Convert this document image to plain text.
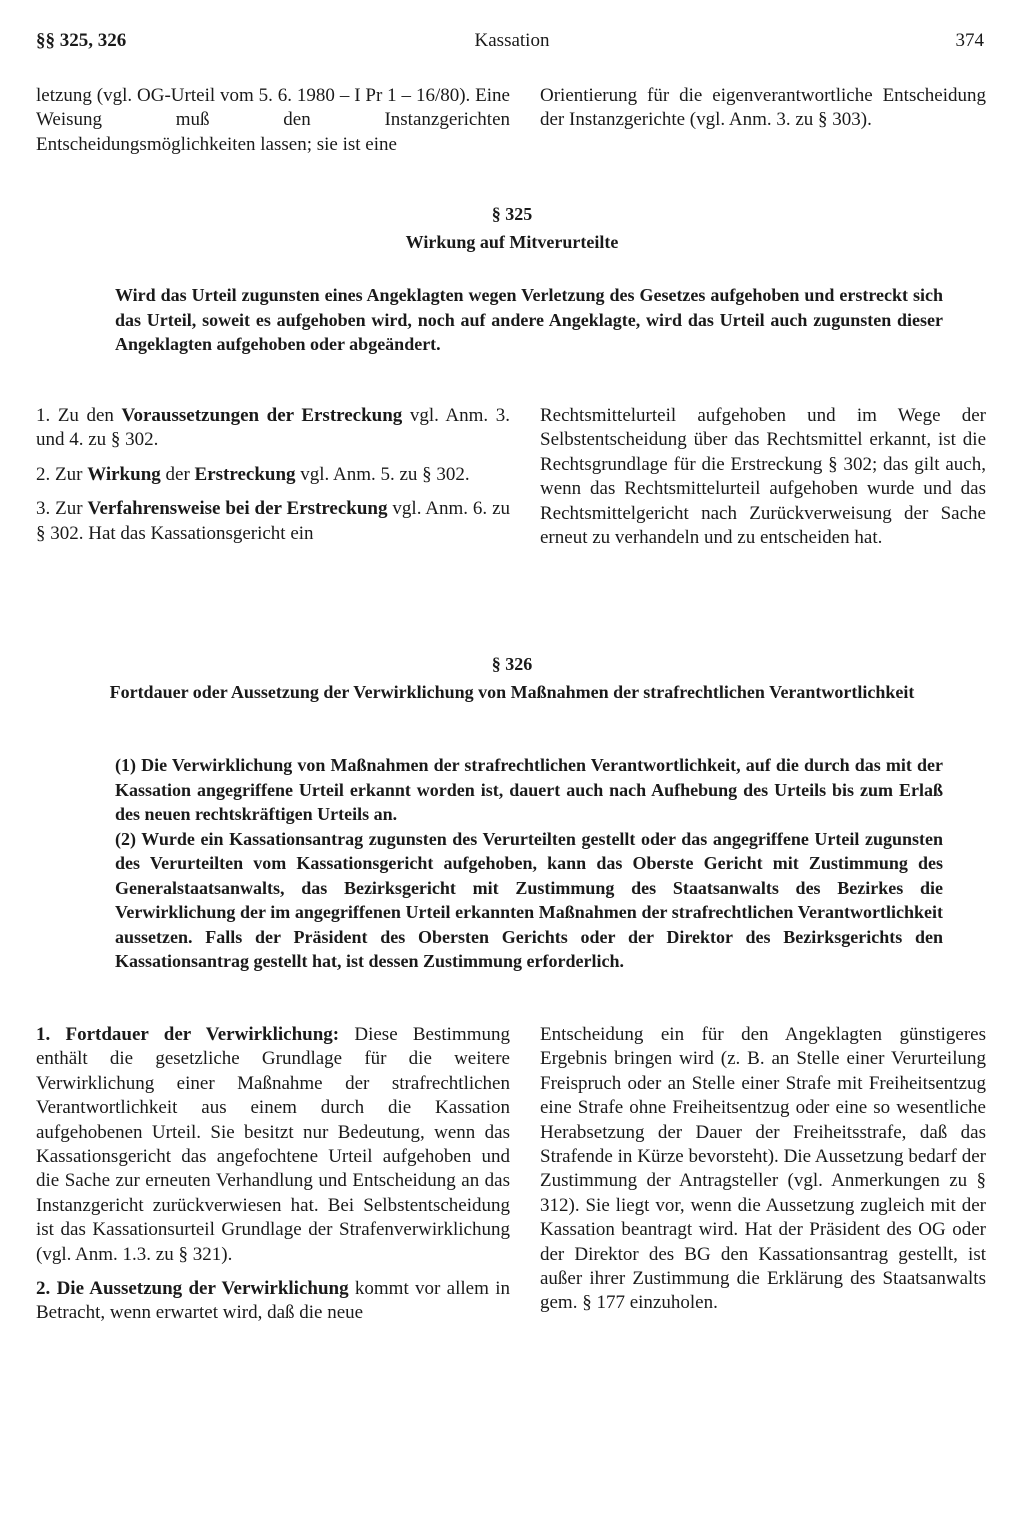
Kassation
§§ 325, 326	374

letzung (vgl. OG-Urteil vom 5. 6. 1980 – I Pr 1 – 16/80). Eine Weisung muß den Instanzgerichten Entscheidungsmöglichkeiten lassen; sie ist eine

Orientierung für die eigenverantwortliche Entscheidung der Instanzgerichte (vgl. Anm. 3. zu § 303).

§ 325
Wirkung auf Mitverurteilte

Wird das Urteil zugunsten eines Angeklagten wegen Verletzung des Gesetzes aufgehoben und erstreckt sich das Urteil, soweit es aufgehoben wird, noch auf andere Angeklagte, wird das Urteil auch zugunsten dieser Angeklagten aufgehoben oder abgeändert.

1. Zu den Voraussetzungen der Erstreckung vgl. Anm. 3. und 4. zu § 302.

2. Zur Wirkung der Erstreckung vgl. Anm. 5. zu § 302.

3. Zur Verfahrensweise bei der Erstreckung vgl. Anm. 6. zu § 302. Hat das Kassationsgericht ein

Rechtsmittelurteil aufgehoben und im Wege der Selbstentscheidung über das Rechtsmittel erkannt, ist die Rechtsgrundlage für die Erstreckung § 302; das gilt auch, wenn das Rechtsmittelurteil aufgehoben wurde und das Rechtsmittelgericht nach Zurückverweisung der Sache erneut zu verhandeln und zu entscheiden hat.

§ 326
Fortdauer oder Aussetzung der Verwirklichung von Maßnahmen der strafrechtlichen Verantwortlichkeit

(1) Die Verwirklichung von Maßnahmen der strafrechtlichen Verantwortlichkeit, auf die durch das mit der Kassation angegriffene Urteil erkannt worden ist, dauert auch nach Aufhebung des Urteils bis zum Erlaß des neuen rechtskräftigen Urteils an.

(2) Wurde ein Kassationsantrag zugunsten des Verurteilten gestellt oder das angegriffene Urteil zugunsten des Verurteilten vom Kassationsgericht aufgehoben, kann das Oberste Gericht mit Zustimmung des Generalstaatsanwalts, das Bezirksgericht mit Zustimmung des Staatsanwalts des Bezirkes die Verwirklichung der im angegriffenen Urteil erkannten Maßnahmen der strafrechtlichen Verantwortlichkeit aussetzen. Falls der Präsident des Obersten Gerichts oder der Direktor des Bezirksgerichts den Kassationsantrag gestellt hat, ist dessen Zustimmung erforderlich.

1. Fortdauer der Verwirklichung: Diese Bestimmung enthält die gesetzliche Grundlage für die weitere Verwirklichung einer Maßnahme der strafrechtlichen Verantwortlichkeit aus einem durch die Kassation aufgehobenen Urteil. Sie besitzt nur Bedeutung, wenn das Kassationsgericht das angefochtene Urteil aufgehoben und die Sache zur erneuten Verhandlung und Entscheidung an das Instanzgericht zurückverwiesen hat. Bei Selbstentscheidung ist das Kassationsurteil Grundlage der Strafenverwirklichung (vgl. Anm. 1.3. zu § 321).

2. Die Aussetzung der Verwirklichung kommt vor allem in Betracht, wenn erwartet wird, daß die neue

Entscheidung ein für den Angeklagten günstigeres Ergebnis bringen wird (z. B. an Stelle einer Verurteilung Freispruch oder an Stelle einer Strafe mit Freiheitsentzug eine Strafe ohne Freiheitsentzug oder eine so wesentliche Herabsetzung der Dauer der Freiheitsstrafe, daß das Strafende in Kürze bevorsteht). Die Aussetzung bedarf der Zustimmung der Antragsteller (vgl. Anmerkungen zu § 312). Sie liegt vor, wenn die Aussetzung zugleich mit der Kassation beantragt wird. Hat der Präsident des OG oder der Direktor des BG den Kassationsantrag gestellt, ist außer ihrer Zustimmung die Erklärung des Staatsanwalts gem. § 177 einzuholen.
